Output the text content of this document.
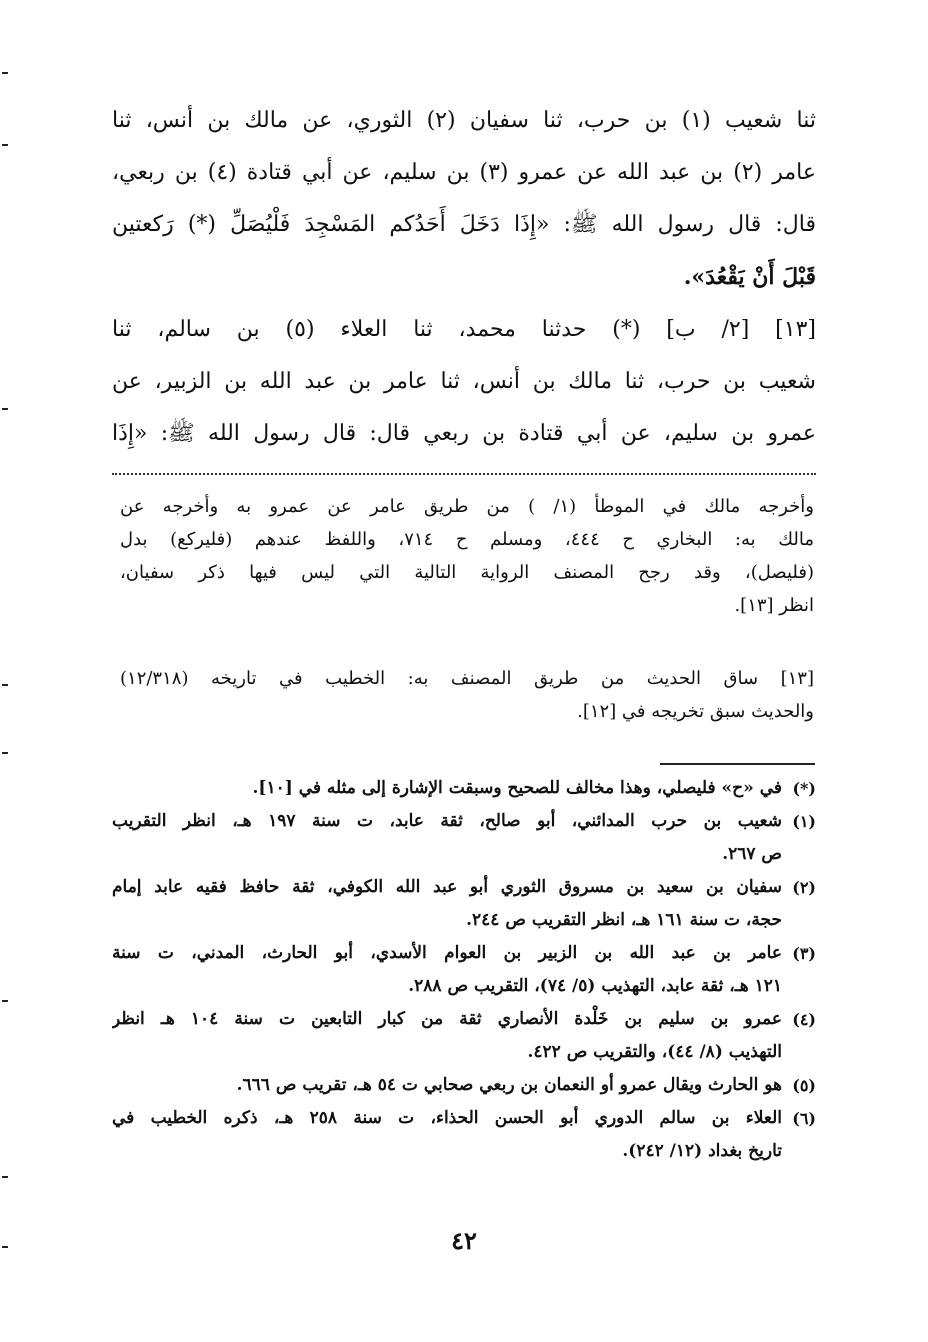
ثنا شعيب (١) بن حرب، ثنا سفيان (٢) الثوري، عن مالك بن أنس، ثنا
عامر (٢) بن عبد الله عن عمرو (٣) بن سليم، عن أبي قتادة (٤) بن ربعي،
قال: قال رسول الله ﷺ: «إِذَا دَخَلَ أَحَدُكم المَسْجِدَ فَلْيُصَلِّ (*) رَكعتين
قَبْلَ أَنْ يَقْعُدَ».
[١٣] [٢/ ب] (*) حدثنا محمد، ثنا العلاء (٥) بن سالم، ثنا
شعيب بن حرب، ثنا مالك بن أنس، ثنا عامر بن عبد الله بن الزبير، عن
عمرو بن سليم، عن أبي قتادة بن ربعي قال: قال رسول الله ﷺ: «إِذَا
وأخرجه مالك في الموطأ (١/ ) من طريق عامر عن عمرو به وأخرجه عن
مالك به: البخاري ح ٤٤٤، ومسلم ح ٧١٤، واللفظ عندهم (فليركع) بدل
(فليصل)، وقد رجح المصنف الرواية التالية التي ليس فيها ذكر سفيان،
انظر [١٣].
[١٣] ساق الحديث من طريق المصنف به: الخطيب في تاريخه (١٢/٣١٨)
والحديث سبق تخريجه في [١٢].
(*)
في «ح» فليصلي، وهذا مخالف للصحيح وسبقت الإشارة إلى مثله في [١٠].
(١)
شعيب بن حرب المدائني، أبو صالح، ثقة عابد، ت سنة ١٩٧ هـ، انظر التقريب
ص ٢٦٧.
(٢)
سفيان بن سعيد بن مسروق الثوري أبو عبد الله الكوفي، ثقة حافظ فقيه عابد إمام
حجة، ت سنة ١٦١ هـ، انظر التقريب ص ٢٤٤.
(٣)
عامر بن عبد الله بن الزبير بن العوام الأسدي، أبو الحارث، المدني، ت سنة
١٢١ هـ، ثقة عابد، التهذيب (٥/ ٧٤)، التقريب ص ٢٨٨.
(٤)
عمرو بن سليم بن خَلْدة الأنصاري ثقة من كبار التابعين ت سنة ١٠٤ هـ انظر
التهذيب (٨/ ٤٤)، والتقريب ص ٤٢٢.
(٥)
هو الحارث ويقال عمرو أو النعمان بن ربعي صحابي ت ٥٤ هـ، تقريب ص ٦٦٦.
(٦)
العلاء بن سالم الدوري أبو الحسن الحذاء، ت سنة ٢٥٨ هـ، ذكره الخطيب في
تاريخ بغداد (١٢/ ٢٤٢).
٤٢
